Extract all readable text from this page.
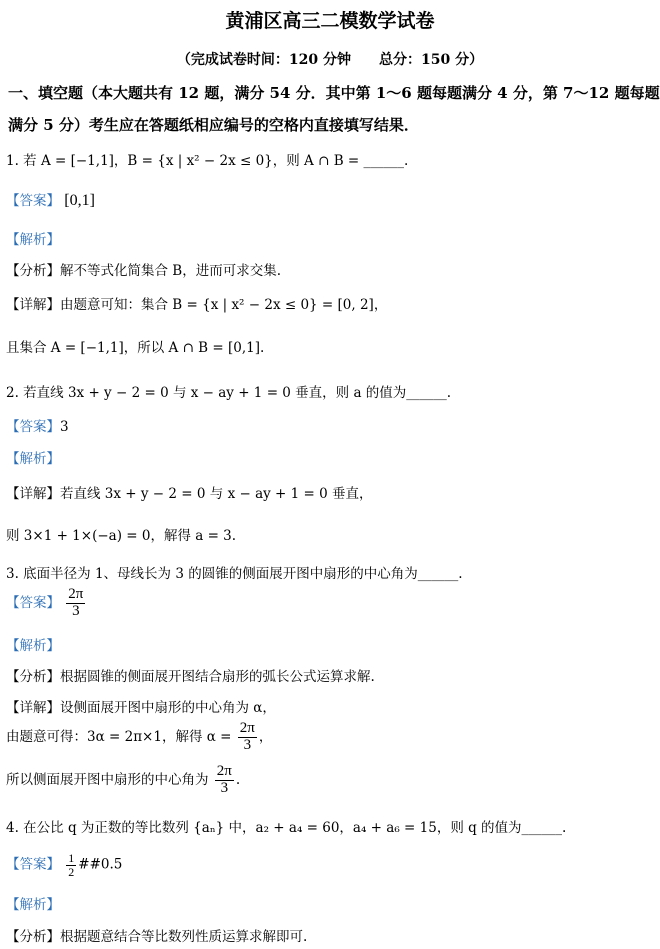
黄浦区高三二模数学试卷
（完成试卷时间：120 分钟　　总分：150 分）
一、填空题（本大题共有 12 题，满分 54 分．其中第 1～6 题每题满分 4 分，第 7～12 题每题
满分 5 分）考生应在答题纸相应编号的空格内直接填写结果．
1. 若 A = [−1,1]，B = {x | x² − 2x ≤ 0}，则 A ∩ B = ______.
【答案】 [0,1]
【解析】
【分析】解不等式化简集合 B，进而可求交集.
【详解】由题意可知：集合 B = {x | x² − 2x ≤ 0} = [0, 2]，
且集合 A = [−1,1]，所以 A ∩ B = [0,1].
2. 若直线 3x + y − 2 = 0 与 x − ay + 1 = 0 垂直，则 a 的值为______.
【答案】3
【解析】
【详解】若直线 3x + y − 2 = 0 与 x − ay + 1 = 0 垂直，
则 3×1 + 1×(−a) = 0，解得 a = 3.
3. 底面半径为 1、母线长为 3 的圆锥的侧面展开图中扇形的中心角为______.
【答案】 $\frac{2\pi}{3}$
【解析】
【分析】根据圆锥的侧面展开图结合扇形的弧长公式运算求解.
【详解】设侧面展开图中扇形的中心角为 α，
由题意可得：3α = 2π×1，解得 $\alpha = \frac{2\pi}{3}$ ，
所以侧面展开图中扇形的中心角为 $\frac{2\pi}{3}$ .
4. 在公比 q 为正数的等比数列 {aₙ} 中，a₂ + a₄ = 60，a₄ + a₆ = 15，则 q 的值为______.
【答案】 $\frac{1}{2}$ ##0.5
【解析】
【分析】根据题意结合等比数列性质运算求解即可.
